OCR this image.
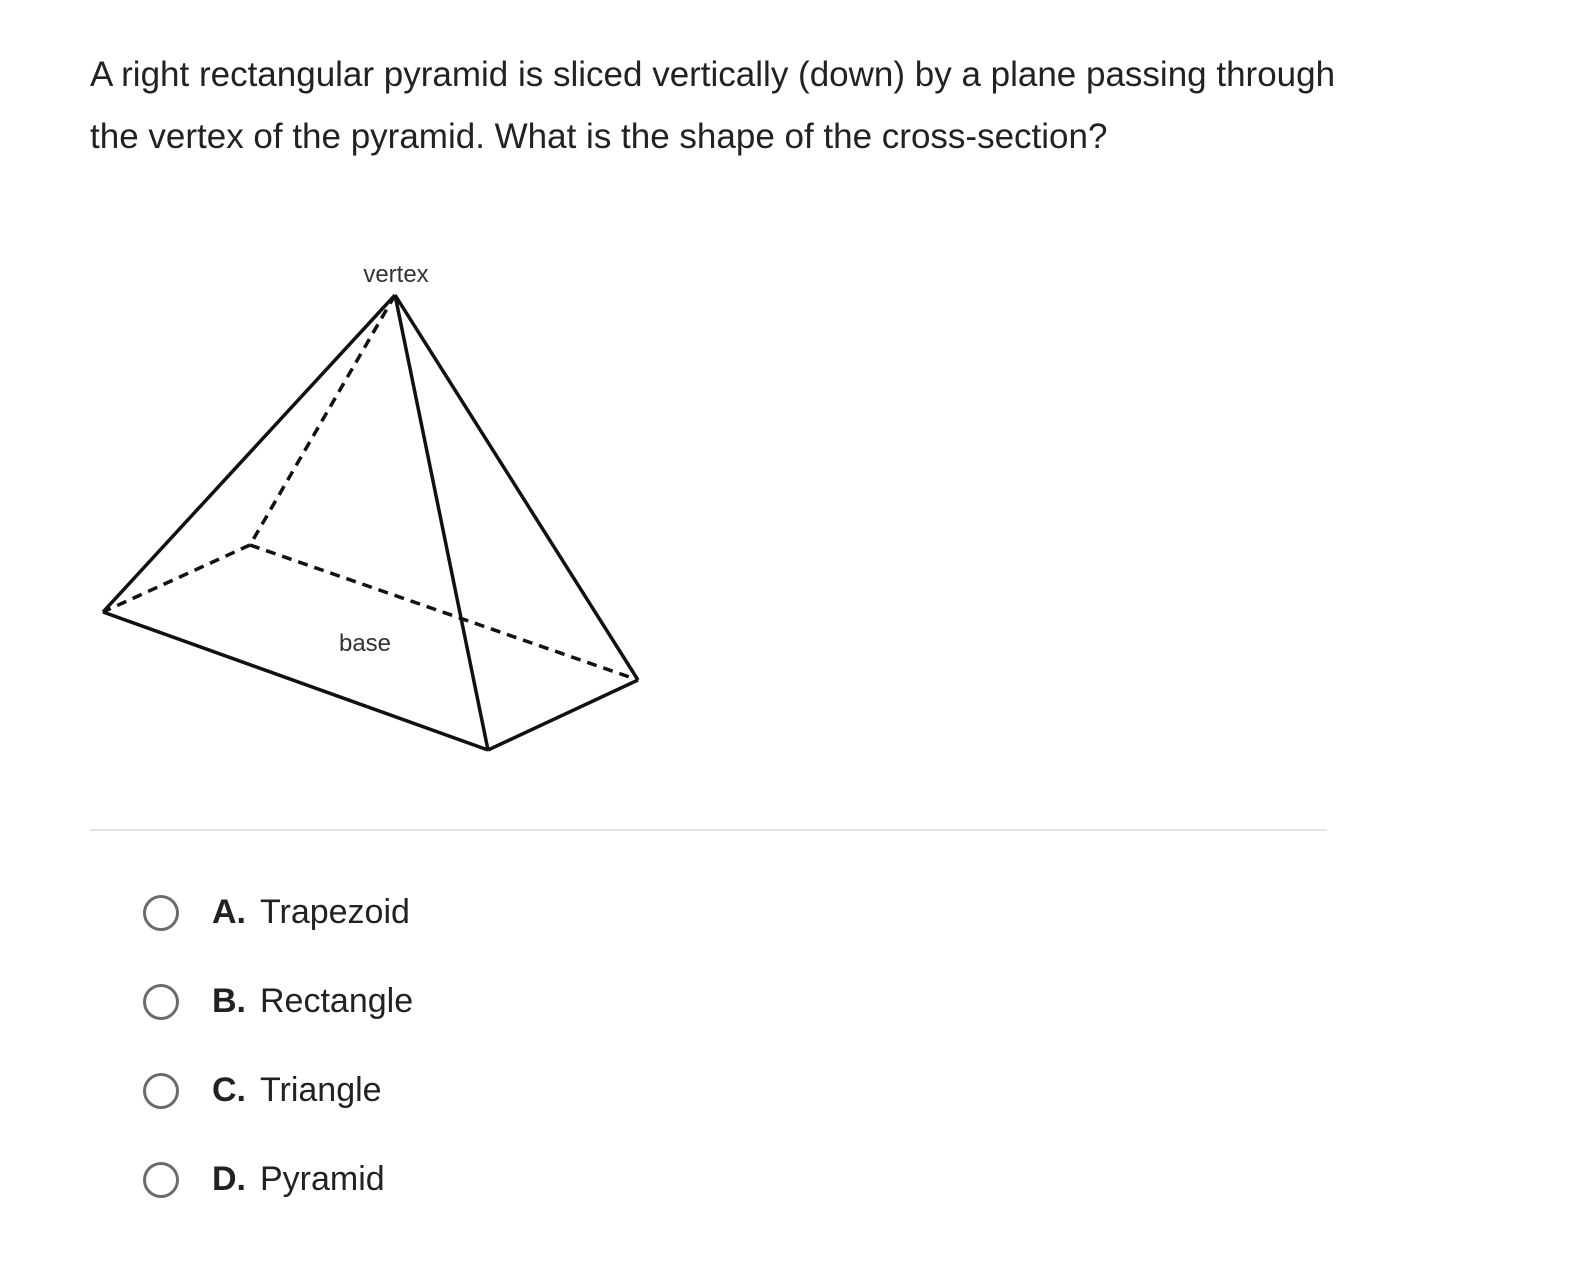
A right rectangular pyramid is sliced vertically (down) by a plane passing through the vertex of the pyramid. What is the shape of the cross-section?

vertex
base
A. Trapezoid
B. Rectangle
C. Triangle
D. Pyramid
